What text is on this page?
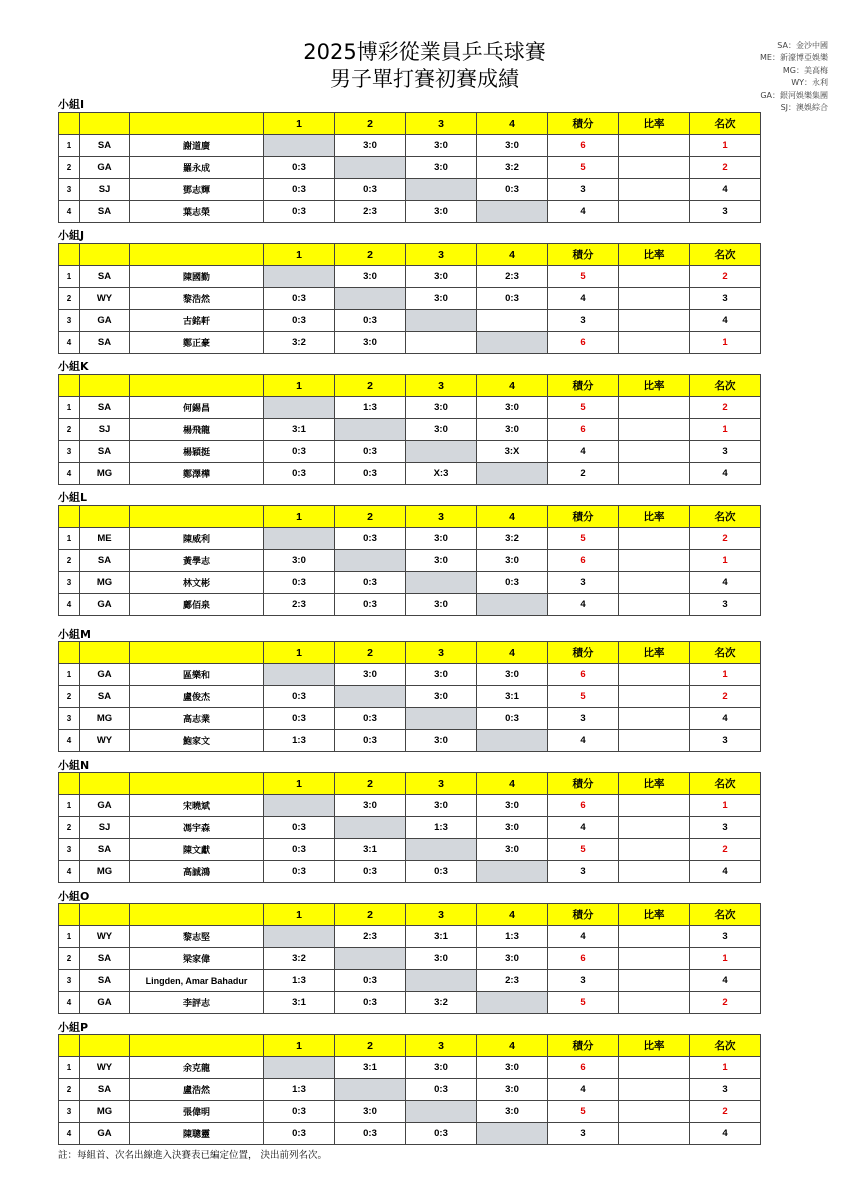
2025博彩從業員乒乓球賽
男子單打賽初賽成績
SA：金沙中國
ME：新濠博亞娛樂
MG：美高梅
WY：永利
GA：銀河娛樂集團
SJ：澳娛綜合
小組I
			1	2	3	4	積分	比率	名次
1	SA	謝道廣		3:0	3:0	3:0	6		1
2	GA	羅永成	0:3		3:0	3:2	5		2
3	SJ	鄧志輝	0:3	0:3		0:3	3		4
4	SA	葉志榮	0:3	2:3	3:0		4		3
小組J
			1	2	3	4	積分	比率	名次
1	SA	陳國勤		3:0	3:0	2:3	5		2
2	WY	黎浩然	0:3		3:0	0:3	4		3
3	GA	古銘軒	0:3	0:3			3		4
4	SA	鄭正豪	3:2	3:0			6		1
小組K
			1	2	3	4	積分	比率	名次
1	SA	何錫昌		1:3	3:0	3:0	5		2
2	SJ	楊飛龍	3:1		3:0	3:0	6		1
3	SA	楊穎挺	0:3	0:3		3:X	4		3
4	MG	鄭澤樺	0:3	0:3	X:3		2		4
小組L
			1	2	3	4	積分	比率	名次
1	ME	陳威利		0:3	3:0	3:2	5		2
2	SA	黃學志	3:0		3:0	3:0	6		1
3	MG	林文彬	0:3	0:3		0:3	3		4
4	GA	鄺佰泉	2:3	0:3	3:0		4		3
小組M
			1	2	3	4	積分	比率	名次
1	GA	區樂和		3:0	3:0	3:0	6		1
2	SA	盧俊杰	0:3		3:0	3:1	5		2
3	MG	高志業	0:3	0:3		0:3	3		4
4	WY	鮑家文	1:3	0:3	3:0		4		3
小組N
			1	2	3	4	積分	比率	名次
1	GA	宋曉斌		3:0	3:0	3:0	6		1
2	SJ	馮宇森	0:3		1:3	3:0	4		3
3	SA	陳文獻	0:3	3:1		3:0	5		2
4	MG	高誠鴻	0:3	0:3	0:3		3		4
小組O
			1	2	3	4	積分	比率	名次
1	WY	黎志堅		2:3	3:1	1:3	4		3
2	SA	梁家偉	3:2		3:0	3:0	6		1
3	SA	Lingden, Amar Bahadur	1:3	0:3		2:3	3		4
4	GA	李評志	3:1	0:3	3:2		5		2
小組P
			1	2	3	4	積分	比率	名次
1	WY	余克龍		3:1	3:0	3:0	6		1
2	SA	盧浩然	1:3		0:3	3:0	4		3
3	MG	張偉明	0:3	3:0		3:0	5		2
4	GA	陳聰靈	0:3	0:3	0:3		3		4
註：每組首、次名出線進入決賽表已編定位置， 決出前列名次。
